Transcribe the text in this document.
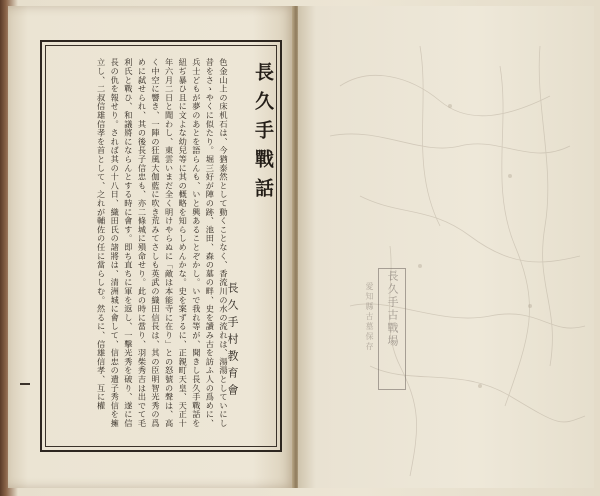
長久手古戰場
愛知縣古墓保存
長久手戰話
長久手村教育會

色金山上の床机石は、今猶泰然として動くことなく、香流川の水の流れは、湯湯としていにし昔をさゝやくに似たり。堀三好が陣の跡、池田、森の墓の畔、史を讀み古を訪ふ人の爲めに、兵士どもが夢のあとを語らんも、いと興あることぞかし。いで我れ等が、聞きし長久手戰話を紐ぢ暴ひ且に文よな幼兒等に其の概略を知らしめんかな。史を案ずるに、正親町天皇、天正十年六月二日と聞わし、東雲いまだ全く明けやらぬに「敵は本能寺に在り」との怒號の聲は、高く中空に響き、一陣の狂風大伽藍に吹き荒みてさしも英武の織田信長は、其の臣明智光秀の爲めに弑せられ、其の後長子信忠も、亦二條城に殞命せり。此の時に當り、羽柴秀吉は出でて毛利氏と戰ひ、和議將にならんとする時に會す。即ち直ちに軍を返し、一擊光秀を破り、遂に信長の仇を報せり。されば其の十八日、織田氏の諸將は、清洲城に會して、信忠の遺子秀信を擁立し、二叔信雄信孝を首として、之れが輔佐の任に當らしむ。然るに、信雄信孝、互に權
